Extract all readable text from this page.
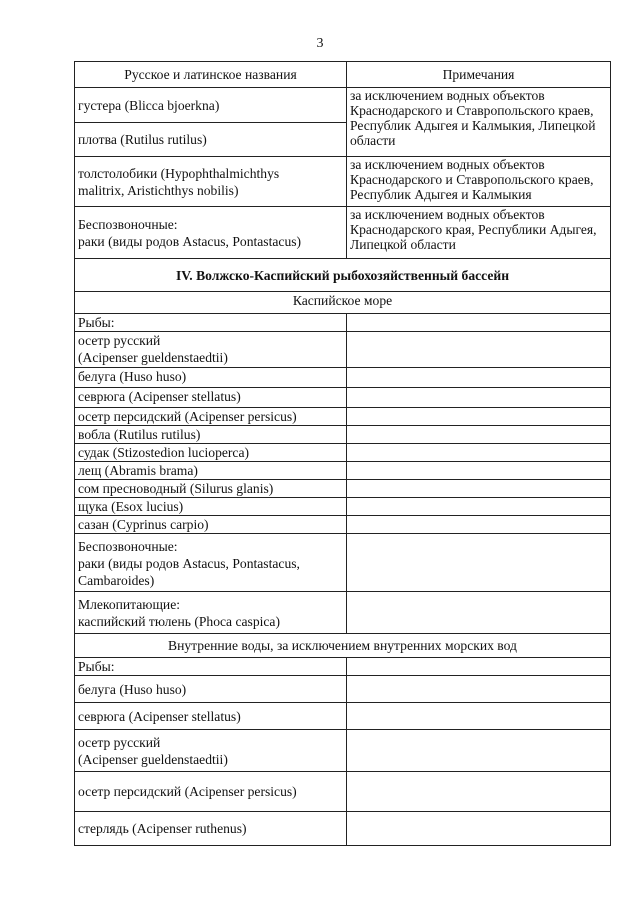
3
Русское и латинское названия	Примечания
густера (Blicca bjoerkna)	за исключением водных объектов Краснодарского и Ставропольского краев, Республик Адыгея и Калмыкия, Липецкой области
плотва (Rutilus rutilus)	
толстолобики (Hypophthalmichthys
malitrix, Aristichthys nobilis)	за исключением водных объектов Краснодарского и Ставропольского краев, Республик Адыгея и Калмыкия
Беспозвоночные:
раки (виды родов Astacus, Pontastacus)	за исключением водных объектов Краснодарского края, Республики Адыгея, Липецкой области
IV. Волжско-Каспийский рыбохозяйственный бассейн	
Каспийское море	
Рыбы:	
осетр русский
(Acipenser gueldenstaedtii)	
белуга (Huso huso)	
севрюга (Acipenser stellatus)	
осетр персидский (Acipenser persicus)	
вобла (Rutilus rutilus)	
судак (Stizostedion lucioperca)	
лещ (Abramis brama)	
сом пресноводный (Silurus glanis)	
щука (Esox lucius)	
сазан (Cyprinus carpio)	
Беспозвоночные:
раки (виды родов Astacus, Pontastacus,
Cambaroides)	
Млекопитающие:
каспийский тюлень (Phoca caspica)	
Внутренние воды, за исключением внутренних морских вод	
Рыбы:	
белуга (Huso huso)	
севрюга (Acipenser stellatus)	
осетр русский
(Acipenser gueldenstaedtii)	
осетр персидский (Acipenser persicus)	
стерлядь (Acipenser ruthenus)	
